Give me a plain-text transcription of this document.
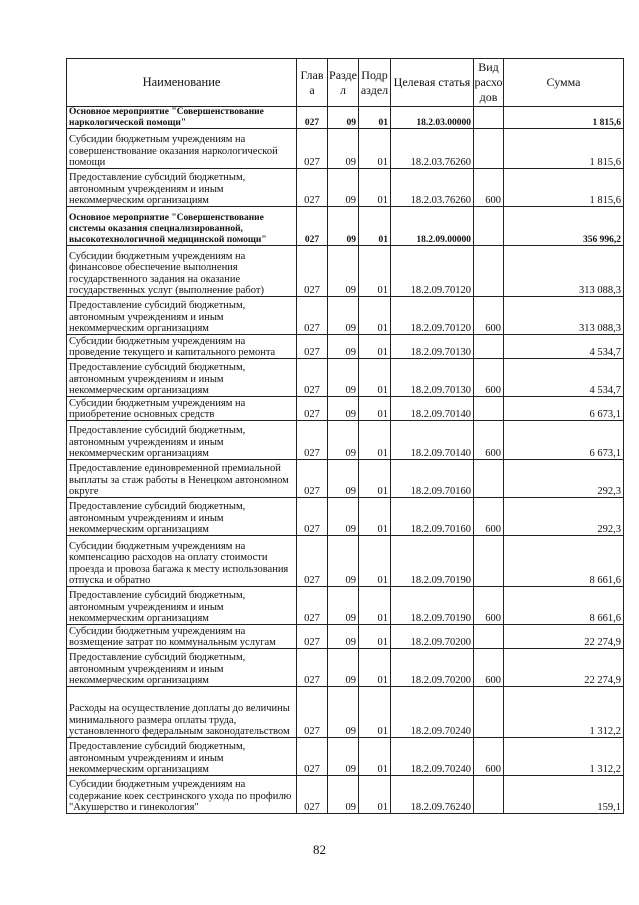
Наименование	Глав а	Разде л	Подр аздел	Целевая статья	Вид расхо дов	Сумма
Основное мероприятие "Совершенствование наркологической помощи"	027	09	01	18.2.03.00000		1 815,6
Субсидии бюджетным учреждениям на совершенствование оказания наркологической помощи	027	09	01	18.2.03.76260		1 815,6
Предоставление субсидий бюджетным, автономным учреждениям и иным некоммерческим организациям	027	09	01	18.2.03.76260	600	1 815,6
Основное мероприятие "Совершенствование системы оказания специализированной, высокотехнологичной медицинской помощи"	027	09	01	18.2.09.00000		356 996,2
Субсидии бюджетным учреждениям на финансовое обеспечение выполнения государственного задания на оказание государственных услуг (выполнение работ)	027	09	01	18.2.09.70120		313 088,3
Предоставление субсидий бюджетным, автономным учреждениям и иным некоммерческим организациям	027	09	01	18.2.09.70120	600	313 088,3
Субсидии бюджетным учреждениям на проведение текущего и капитального ремонта	027	09	01	18.2.09.70130		4 534,7
Предоставление субсидий бюджетным, автономным учреждениям и иным некоммерческим организациям	027	09	01	18.2.09.70130	600	4 534,7
Субсидии бюджетным учреждениям на приобретение основных средств	027	09	01	18.2.09.70140		6 673,1
Предоставление субсидий бюджетным, автономным учреждениям и иным некоммерческим организациям	027	09	01	18.2.09.70140	600	6 673,1
Предоставление единовременной премиальной выплаты за стаж работы в Ненецком автономном округе	027	09	01	18.2.09.70160		292,3
Предоставление субсидий бюджетным, автономным учреждениям и иным некоммерческим организациям	027	09	01	18.2.09.70160	600	292,3
Субсидии бюджетным учреждениям на компенсацию расходов на оплату стоимости проезда и провоза багажа к месту использования отпуска и обратно	027	09	01	18.2.09.70190		8 661,6
Предоставление субсидий бюджетным, автономным учреждениям и иным некоммерческим организациям	027	09	01	18.2.09.70190	600	8 661,6
Субсидии бюджетным учреждениям на возмещение затрат по коммунальным услугам	027	09	01	18.2.09.70200		22 274,9
Предоставление субсидий бюджетным, автономным учреждениям и иным некоммерческим организациям	027	09	01	18.2.09.70200	600	22 274,9
Расходы на осуществление доплаты до величины минимального размера оплаты труда, установленного федеральным законодательством	027	09	01	18.2.09.70240		1 312,2
Предоставление субсидий бюджетным, автономным учреждениям и иным некоммерческим организациям	027	09	01	18.2.09.70240	600	1 312,2
Субсидии бюджетным учреждениям на содержание коек сестринского ухода по профилю "Акушерство и гинекология"	027	09	01	18.2.09.76240		159,1
82
